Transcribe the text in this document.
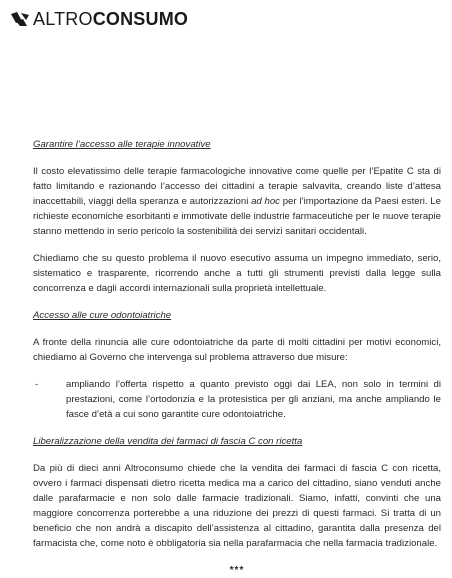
ALTROCONSUMO
Garantire l’accesso alle terapie innovative

Il costo elevatissimo delle terapie farmacologiche innovative come quelle per l’Epatite C sta di fatto limitando e razionando l’accesso dei cittadini a terapie salvavita, creando liste d’attesa inaccettabili, viaggi della speranza e autorizzazioni ad hoc per l’importazione da Paesi esteri. Le richieste economiche esorbitanti e immotivate delle industrie farmaceutiche per le nuove terapie stanno mettendo in serio pericolo la sostenibilità dei servizi sanitari occidentali.

Chiediamo che su questo problema il nuovo esecutivo assuma un impegno immediato, serio, sistematico e trasparente, ricorrendo anche a tutti gli strumenti previsti dalla legge sulla concorrenza e dagli accordi internazionali sulla proprietà intellettuale.

Accesso alle cure odontoiatriche

A fronte della rinuncia alle cure odontoiatriche da parte di molti cittadini per motivi economici, chiediamo al Governo che intervenga sul problema attraverso due misure:

-	ampliando l’offerta rispetto a quanto previsto oggi dai LEA, non solo in termini di prestazioni, come l’ortodonzia e la protesistica per gli anziani, ma anche ampliando le fasce d’età a cui sono garantite cure odontoiatriche.
Liberalizzazione della vendita dei farmaci di fascia C con ricetta

Da più di dieci anni Altroconsumo chiede che la vendita dei farmaci di fascia C con ricetta, ovvero i farmaci dispensati dietro ricetta medica ma a carico del cittadino, siano venduti anche dalle parafarmacie e non solo dalle farmacie tradizionali. Siamo, infatti, convinti che una maggiore concorrenza porterebbe a una riduzione dei prezzi di questi farmaci. Si tratta di un beneficio che non andrà a discapito dell’assistenza al cittadino, garantita dalla presenza del farmacista che, come noto è obbligatoria sia nella parafarmacia che nella farmacia tradizionale.

***
